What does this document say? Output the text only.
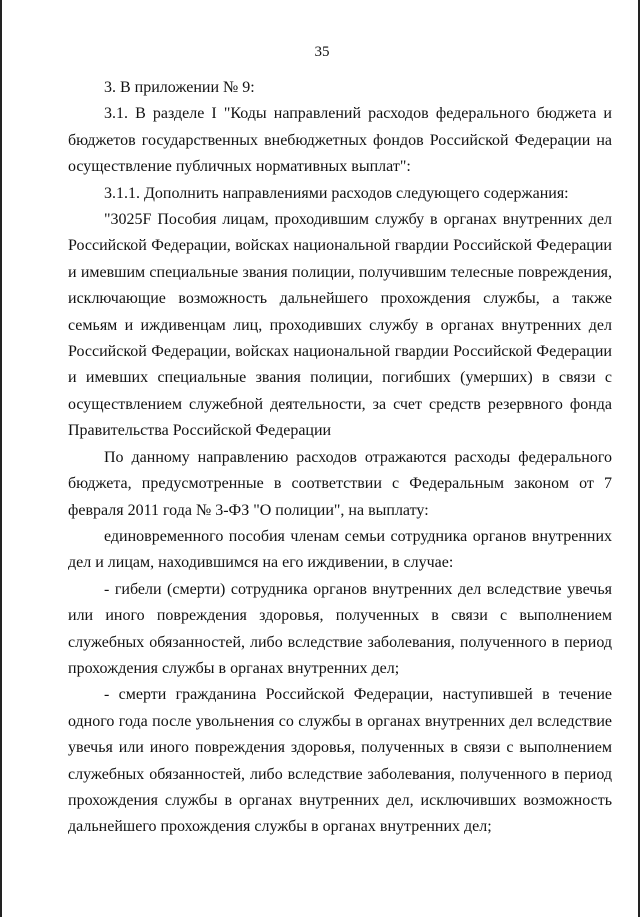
35

3. В приложении № 9:

3.1. В разделе I "Коды направлений расходов федерального бюджета и бюджетов государственных внебюджетных фондов Российской Федерации на осуществление публичных нормативных выплат":

3.1.1. Дополнить направлениями расходов следующего содержания:

"3025F Пособия лицам, проходившим службу в органах внутренних дел Российской Федерации, войсках национальной гвардии Российской Федерации и имевшим специальные звания полиции, получившим телесные повреждения, исключающие возможность дальнейшего прохождения службы, а также семьям и иждивенцам лиц, проходивших службу в органах внутренних дел Российской Федерации, войсках национальной гвардии Российской Федерации и имевших специальные звания полиции, погибших (умерших) в связи с осуществлением служебной деятельности, за счет средств резервного фонда Правительства Российской Федерации

По данному направлению расходов отражаются расходы федерального бюджета, предусмотренные в соответствии с Федеральным законом от 7 февраля 2011 года № 3-ФЗ "О полиции", на выплату:

единовременного пособия членам семьи сотрудника органов внутренних дел и лицам, находившимся на его иждивении, в случае:

- гибели (смерти) сотрудника органов внутренних дел вследствие увечья или иного повреждения здоровья, полученных в связи с выполнением служебных обязанностей, либо вследствие заболевания, полученного в период прохождения службы в органах внутренних дел;

- смерти гражданина Российской Федерации, наступившей в течение одного года после увольнения со службы в органах внутренних дел вследствие увечья или иного повреждения здоровья, полученных в связи с выполнением служебных обязанностей, либо вследствие заболевания, полученного в период прохождения службы в органах внутренних дел, исключивших возможность дальнейшего прохождения службы в органах внутренних дел;
